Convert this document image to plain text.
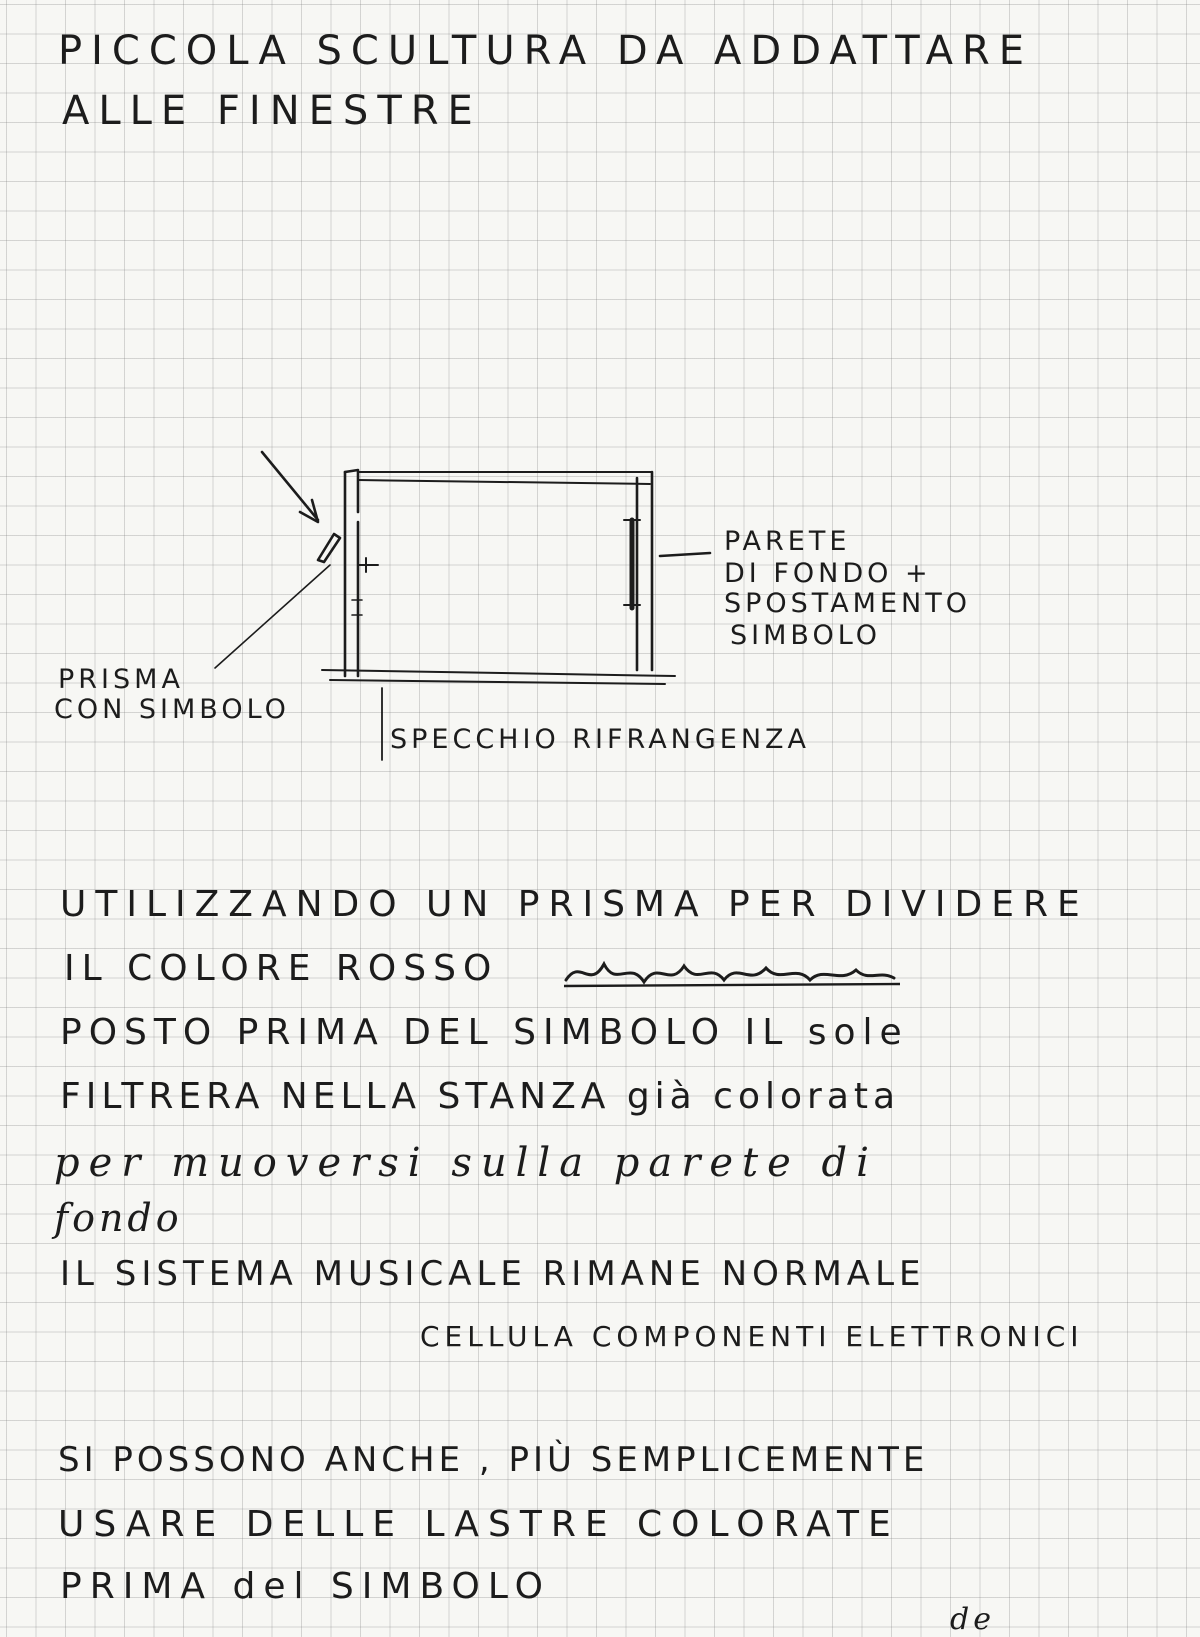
PICCOLA SCULTURA DA ADDATTARE
ALLE FINESTRE
PARETE
DI FONDO +
SPOSTAMENTO
SIMBOLO
PRISMA
CON SIMBOLO
SPECCHIO RIFRANGENZA
UTILIZZANDO UN PRISMA PER DIVIDERE
IL COLORE ROSSO
POSTO PRIMA DEL SIMBOLO IL sole
FILTRERA NELLA STANZA già colorata
per muoversi sulla parete di
fondo
IL SISTEMA MUSICALE RIMANE NORMALE
CELLULA COMPONENTI ELETTRONICI
SI POSSONO ANCHE , PIÙ SEMPLICEMENTE
USARE DELLE LASTRE COLORATE
PRIMA del SIMBOLO
de
